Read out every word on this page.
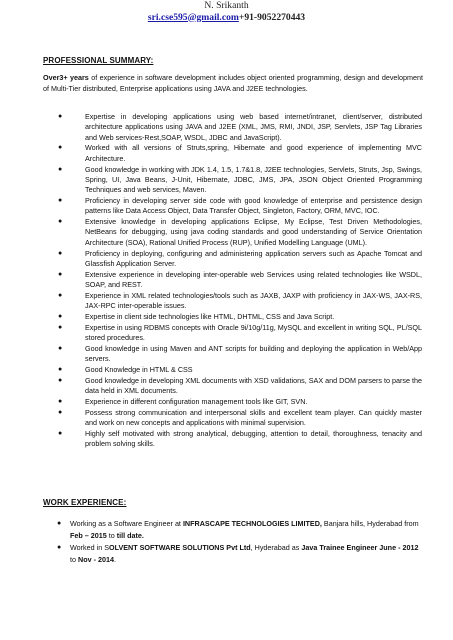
N. Srikanth
sri.cse595@gmail.com+91-9052270443
PROFESSIONAL SUMMARY:
Over3+ years of experience in software development includes object oriented programming, design and development of Multi-Tier distributed, Enterprise applications using JAVA and J2EE technologies.
●	Expertise in developing applications using web based internet/intranet, client/server, distributed architecture applications using JAVA and J2EE (XML, JMS, RMI, JNDI, JSP, Servlets, JSP Tag Libraries and Web services-Rest,SOAP, WSDL, JDBC and JavaScript).
●	Worked with all versions of Struts,spring, Hibernate and good experience of implementing MVC Architecture.
●	Good knowledge in working with JDK 1.4, 1.5, 1.7&1.8, J2EE technologies, Servlets, Struts, Jsp, Swings, Spring, UI, Java Beans, J-Unit, Hibernate, JDBC, JMS, JPA, JSON Object Oriented Programming Techniques and web services, Maven.
●	Proficiency in developing server side code with good knowledge of enterprise and persistence design patterns like Data Access Object, Data Transfer Object, Singleton, Factory, ORM, MVC, IOC.
●	Extensive knowledge in developing applications Eclipse, My Eclipse, Test Driven Methodologies, NetBeans for debugging, using java coding standards and good understanding of Service Orientation Architecture (SOA), Rational Unified Process (RUP), Unified Modelling Language (UML).
●	Proficiency in deploying, configuring and administering application servers such as Apache Tomcat and Glassfish Application Server.
●	Extensive experience in developing inter-operable web Services using related technologies like WSDL, SOAP, and REST.
●	Experience in XML related technologies/tools such as JAXB, JAXP with proficiency in JAX-WS, JAX-RS, JAX-RPC inter-operable issues.
●	Expertise in client side technologies like HTML, DHTML, CSS and Java Script.
●	Expertise in using RDBMS concepts with Oracle 9i/10g/11g, MySQL and excellent in writing SQL, PL/SQL stored procedures.
●	Good knowledge in using Maven and ANT scripts for building and deploying the application in Web/App servers.
●	Good Knowledge in HTML & CSS
●	Good knowledge in developing XML documents with XSD validations, SAX and DOM parsers to parse the data held in XML documents.
●	Experience in different configuration management tools like GIT, SVN.
●	Possess strong communication and interpersonal skills and excellent team player. Can quickly master and work on new concepts and applications with minimal supervision.
●	Highly self motivated with strong analytical, debugging, attention to detail, thoroughness, tenacity and problem solving skills.
WORK EXPERIENCE:
● Working as a Software Engineer at INFRASCAPE TECHNOLOGIES LIMITED, Banjara hills, Hyderabad from Feb – 2015 to till date.
● Worked in SOLVENT SOFTWARE SOLUTIONS Pvt Ltd, Hyderabad as Java Trainee Engineer June - 2012 to Nov - 2014.
